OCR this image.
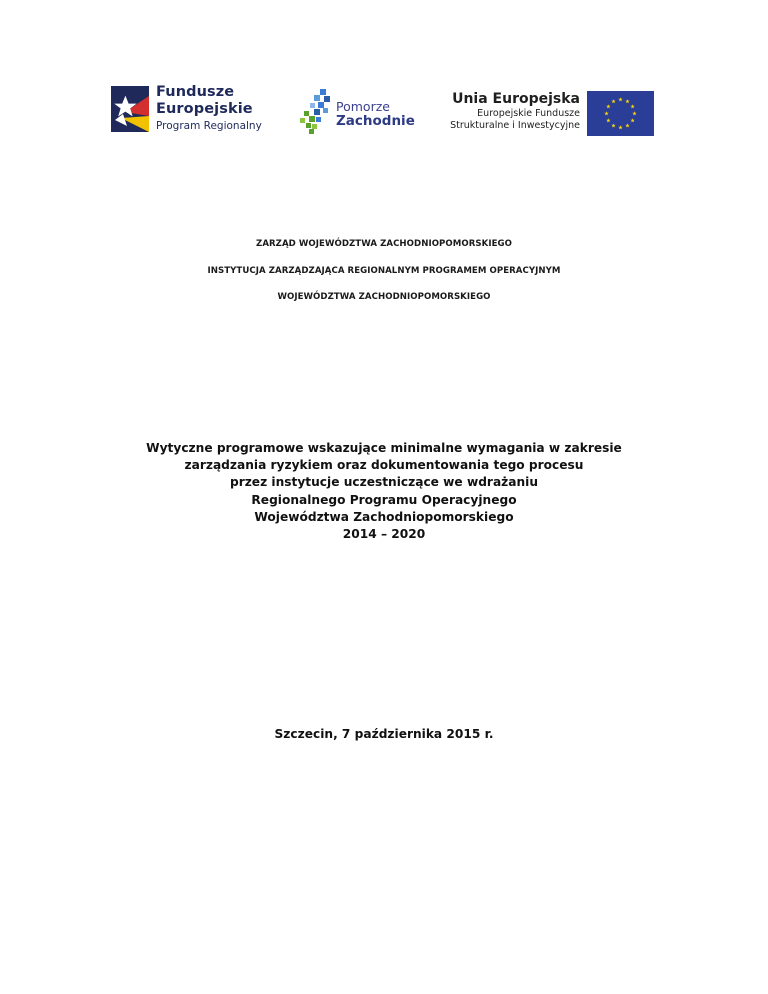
Fundusze
Europejskie
Program Regionalny
Pomorze
Zachodnie
Unia Europejska
Europejskie Fundusze
Strukturalne i Inwestycyjne
ZARZĄD WOJEWÓDZTWA ZACHODNIOPOMORSKIEGO
INSTYTUCJA ZARZĄDZAJĄCA REGIONALNYM PROGRAMEM OPERACYJNYM
WOJEWÓDZTWA ZACHODNIOPOMORSKIEGO
Wytyczne programowe wskazujące minimalne wymagania w zakresie
zarządzania ryzykiem oraz dokumentowania tego procesu
przez instytucje uczestniczące we wdrażaniu
Regionalnego Programu Operacyjnego
Województwa Zachodniopomorskiego
2014 – 2020
Szczecin, 7 października 2015 r.
